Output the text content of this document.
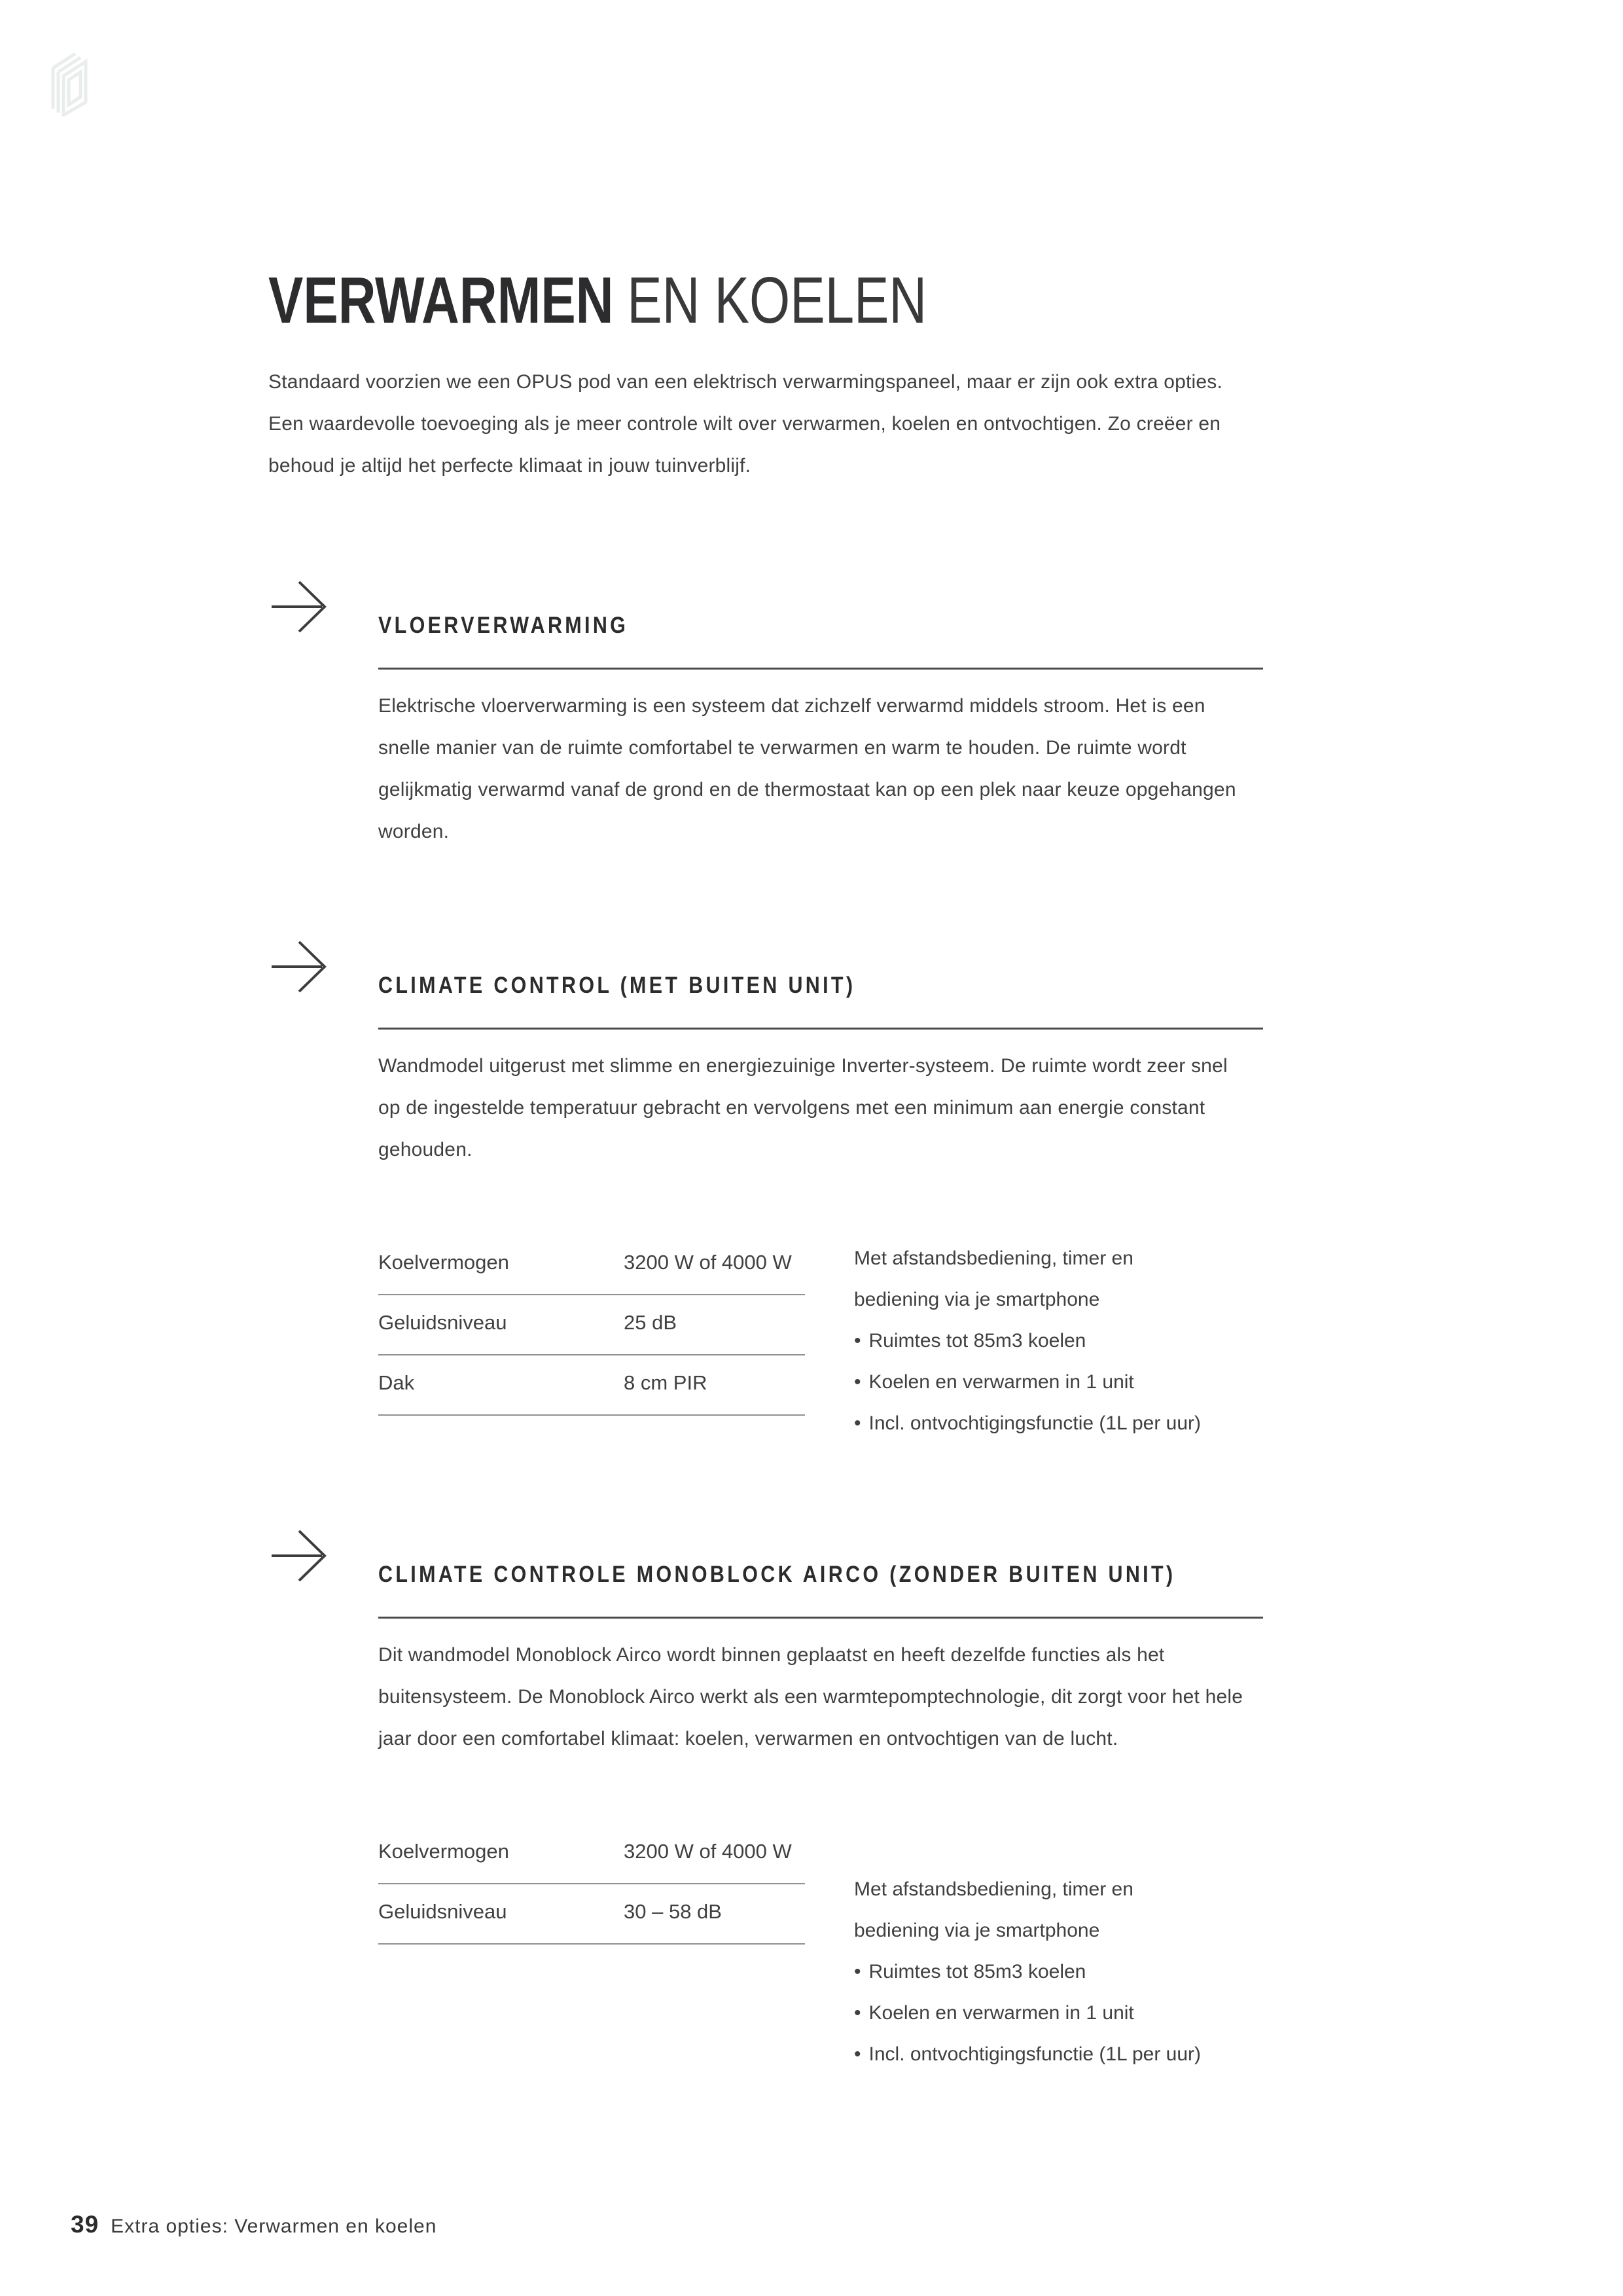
VERWARMEN EN KOELEN

Standaard voorzien we een OPUS pod van een elektrisch verwarmingspaneel, maar er zijn ook extra opties. Een waardevolle toevoeging als je meer controle wilt over verwarmen, koelen en ontvochtigen. Zo creëer en behoud je altijd het perfecte klimaat in jouw tuinverblijf.

VLOERVERWARMING

Elektrische vloerverwarming is een systeem dat zichzelf verwarmd middels stroom. Het is een snelle manier van de ruimte comfortabel te verwarmen en warm te houden. De ruimte wordt gelijkmatig verwarmd vanaf de grond en de thermostaat kan op een plek naar keuze opgehangen worden.

CLIMATE CONTROL (MET BUITEN UNIT)

Wandmodel uitgerust met slimme en energiezuinige Inverter-systeem. De ruimte wordt zeer snel op de ingestelde temperatuur gebracht en vervolgens met een minimum aan energie constant gehouden.

Koelvermogen	3200 W of 4000 W
Geluidsniveau	25 dB
Dak	8 cm PIR

Met afstandsbediening, timer en bediening via je smartphone

• Ruimtes tot 85m3 koelen
• Koelen en verwarmen in 1 unit
• Incl. ontvochtigingsfunctie (1L per uur)
CLIMATE CONTROLE MONOBLOCK AIRCO (ZONDER BUITEN UNIT)

Dit wandmodel Monoblock Airco wordt binnen geplaatst en heeft dezelfde functies als het buitensysteem. De Monoblock Airco werkt als een warmtepomptechnologie, dit zorgt voor het hele jaar door een comfortabel klimaat: koelen, verwarmen en ontvochtigen van de lucht.

Koelvermogen	3200 W of 4000 W
Geluidsniveau	30 – 58 dB

Met afstandsbediening, timer en bediening via je smartphone

• Ruimtes tot 85m3 koelen
• Koelen en verwarmen in 1 unit
• Incl. ontvochtigingsfunctie (1L per uur)
39 Extra opties: Verwarmen en koelen
